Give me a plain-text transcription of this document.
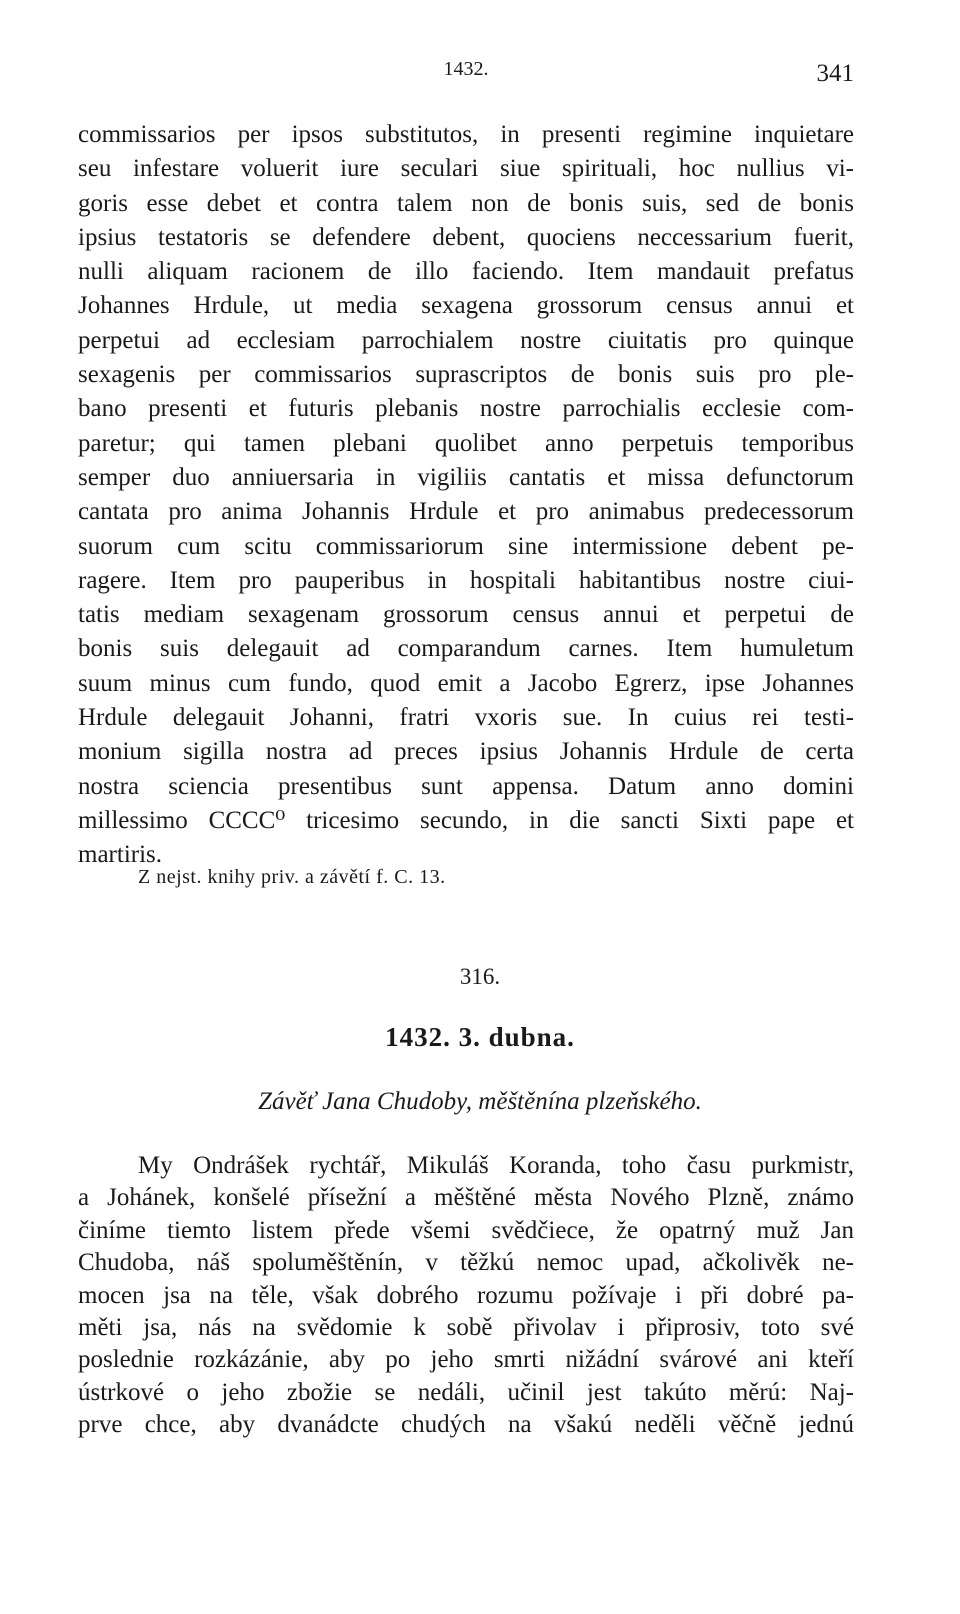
1432.	341
commissarios per ipsos substitutos, in presenti regimine inquietare
seu infestare voluerit iure seculari siue spirituali, hoc nullius vi-
goris esse debet et contra talem non de bonis suis, sed de bonis
ipsius testatoris se defendere debent, quociens neccessarium fuerit,
nulli aliquam racionem de illo faciendo. Item mandauit prefatus
Johannes Hrdule, ut media sexagena grossorum census annui et
perpetui ad ecclesiam parrochialem nostre ciuitatis pro quinque
sexagenis per commissarios suprascriptos de bonis suis pro ple-
bano presenti et futuris plebanis nostre parrochialis ecclesie com-
paretur; qui tamen plebani quolibet anno perpetuis temporibus
semper duo anniuersaria in vigiliis cantatis et missa defunctorum
cantata pro anima Johannis Hrdule et pro animabus predecessorum
suorum cum scitu commissariorum sine intermissione debent pe-
ragere. Item pro pauperibus in hospitali habitantibus nostre ciui-
tatis mediam sexagenam grossorum census annui et perpetui de
bonis suis delegauit ad comparandum carnes. Item humuletum
suum minus cum fundo, quod emit a Jacobo Egrerz, ipse Johannes
Hrdule delegauit Johanni, fratri vxoris sue. In cuius rei testi-
monium sigilla nostra ad preces ipsius Johannis Hrdule de certa
nostra sciencia presentibus sunt appensa. Datum anno domini
millessimo CCCC⁰ tricesimo secundo, in die sancti Sixti pape et
martiris.
Z nejst. knihy priv. a závětí f. C. 13.
316.
1432. 3. dubna.
Závěť Jana Chudoby, měštěnína plzeňského.
My Ondrášek rychtář, Mikuláš Koranda, toho času purkmistr,
a Johánek, konšelé přísežní a měštěné města Nového Plzně, známo
činíme tiemto listem přede všemi svědčiece, že opatrný muž Jan
Chudoba, náš spoluměštěnín, v těžkú nemoc upad, ačkolivěk ne-
mocen jsa na těle, však dobrého rozumu požívaje i při dobré pa-
měti jsa, nás na svědomie k sobě přivolav i připrosiv, toto své
poslednie rozkázánie, aby po jeho smrti nižádní svárové ani kteří
ústrkové o jeho zbožie se nedáli, učinil jest takúto měrú: Naj-
prve chce, aby dvanádcte chudých na všakú neděli věčně jednú
